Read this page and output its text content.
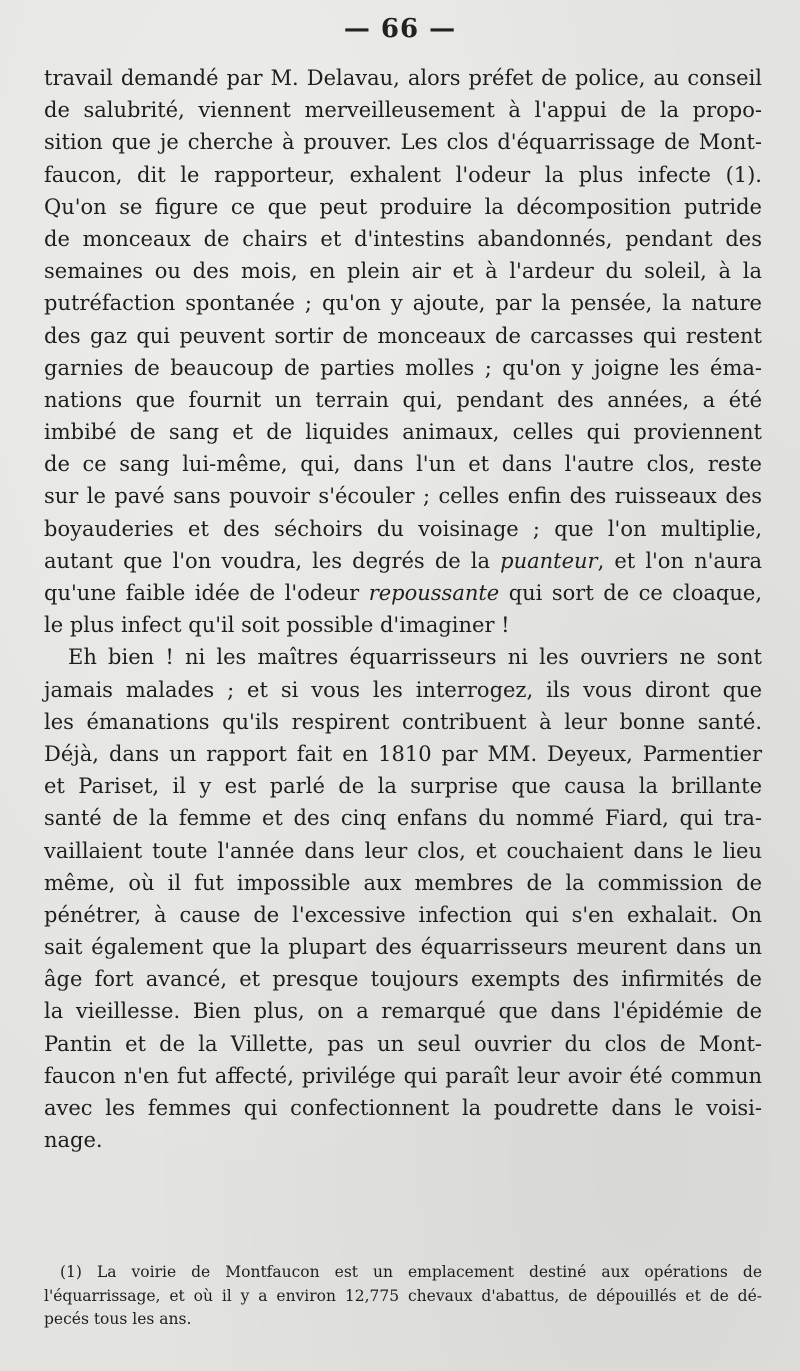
— 66 —
travail demandé par M. Delavau, alors préfet de police, au conseil
de salubrité, viennent merveilleusement à l'appui de la propo-
sition que je cherche à prouver. Les clos d'équarrissage de Mont-
faucon, dit le rapporteur, exhalent l'odeur la plus infecte (1).
Qu'on se figure ce que peut produire la décomposition putride
de monceaux de chairs et d'intestins abandonnés, pendant des
semaines ou des mois, en plein air et à l'ardeur du soleil, à la
putréfaction spontanée ; qu'on y ajoute, par la pensée, la nature
des gaz qui peuvent sortir de monceaux de carcasses qui restent
garnies de beaucoup de parties molles ; qu'on y joigne les éma-
nations que fournit un terrain qui, pendant des années, a été
imbibé de sang et de liquides animaux, celles qui proviennent
de ce sang lui-même, qui, dans l'un et dans l'autre clos, reste
sur le pavé sans pouvoir s'écouler ; celles enfin des ruisseaux des
boyauderies et des séchoirs du voisinage ; que l'on multiplie,
autant que l'on voudra, les degrés de la puanteur, et l'on n'aura
qu'une faible idée de l'odeur repoussante qui sort de ce cloaque,
le plus infect qu'il soit possible d'imaginer !
Eh bien ! ni les maîtres équarrisseurs ni les ouvriers ne sont
jamais malades ; et si vous les interrogez, ils vous diront que
les émanations qu'ils respirent contribuent à leur bonne santé.
Déjà, dans un rapport fait en 1810 par MM. Deyeux, Parmentier
et Pariset, il y est parlé de la surprise que causa la brillante
santé de la femme et des cinq enfans du nommé Fiard, qui tra-
vaillaient toute l'année dans leur clos, et couchaient dans le lieu
même, où il fut impossible aux membres de la commission de
pénétrer, à cause de l'excessive infection qui s'en exhalait. On
sait également que la plupart des équarrisseurs meurent dans un
âge fort avancé, et presque toujours exempts des infirmités de
la vieillesse. Bien plus, on a remarqué que dans l'épidémie de
Pantin et de la Villette, pas un seul ouvrier du clos de Mont-
faucon n'en fut affecté, privilége qui paraît leur avoir été commun
avec les femmes qui confectionnent la poudrette dans le voisi-
nage.
(1) La voirie de Montfaucon est un emplacement destiné aux opérations de
l'équarrissage, et où il y a environ 12,775 chevaux d'abattus, de dépouillés et de dé-
pecés tous les ans.
